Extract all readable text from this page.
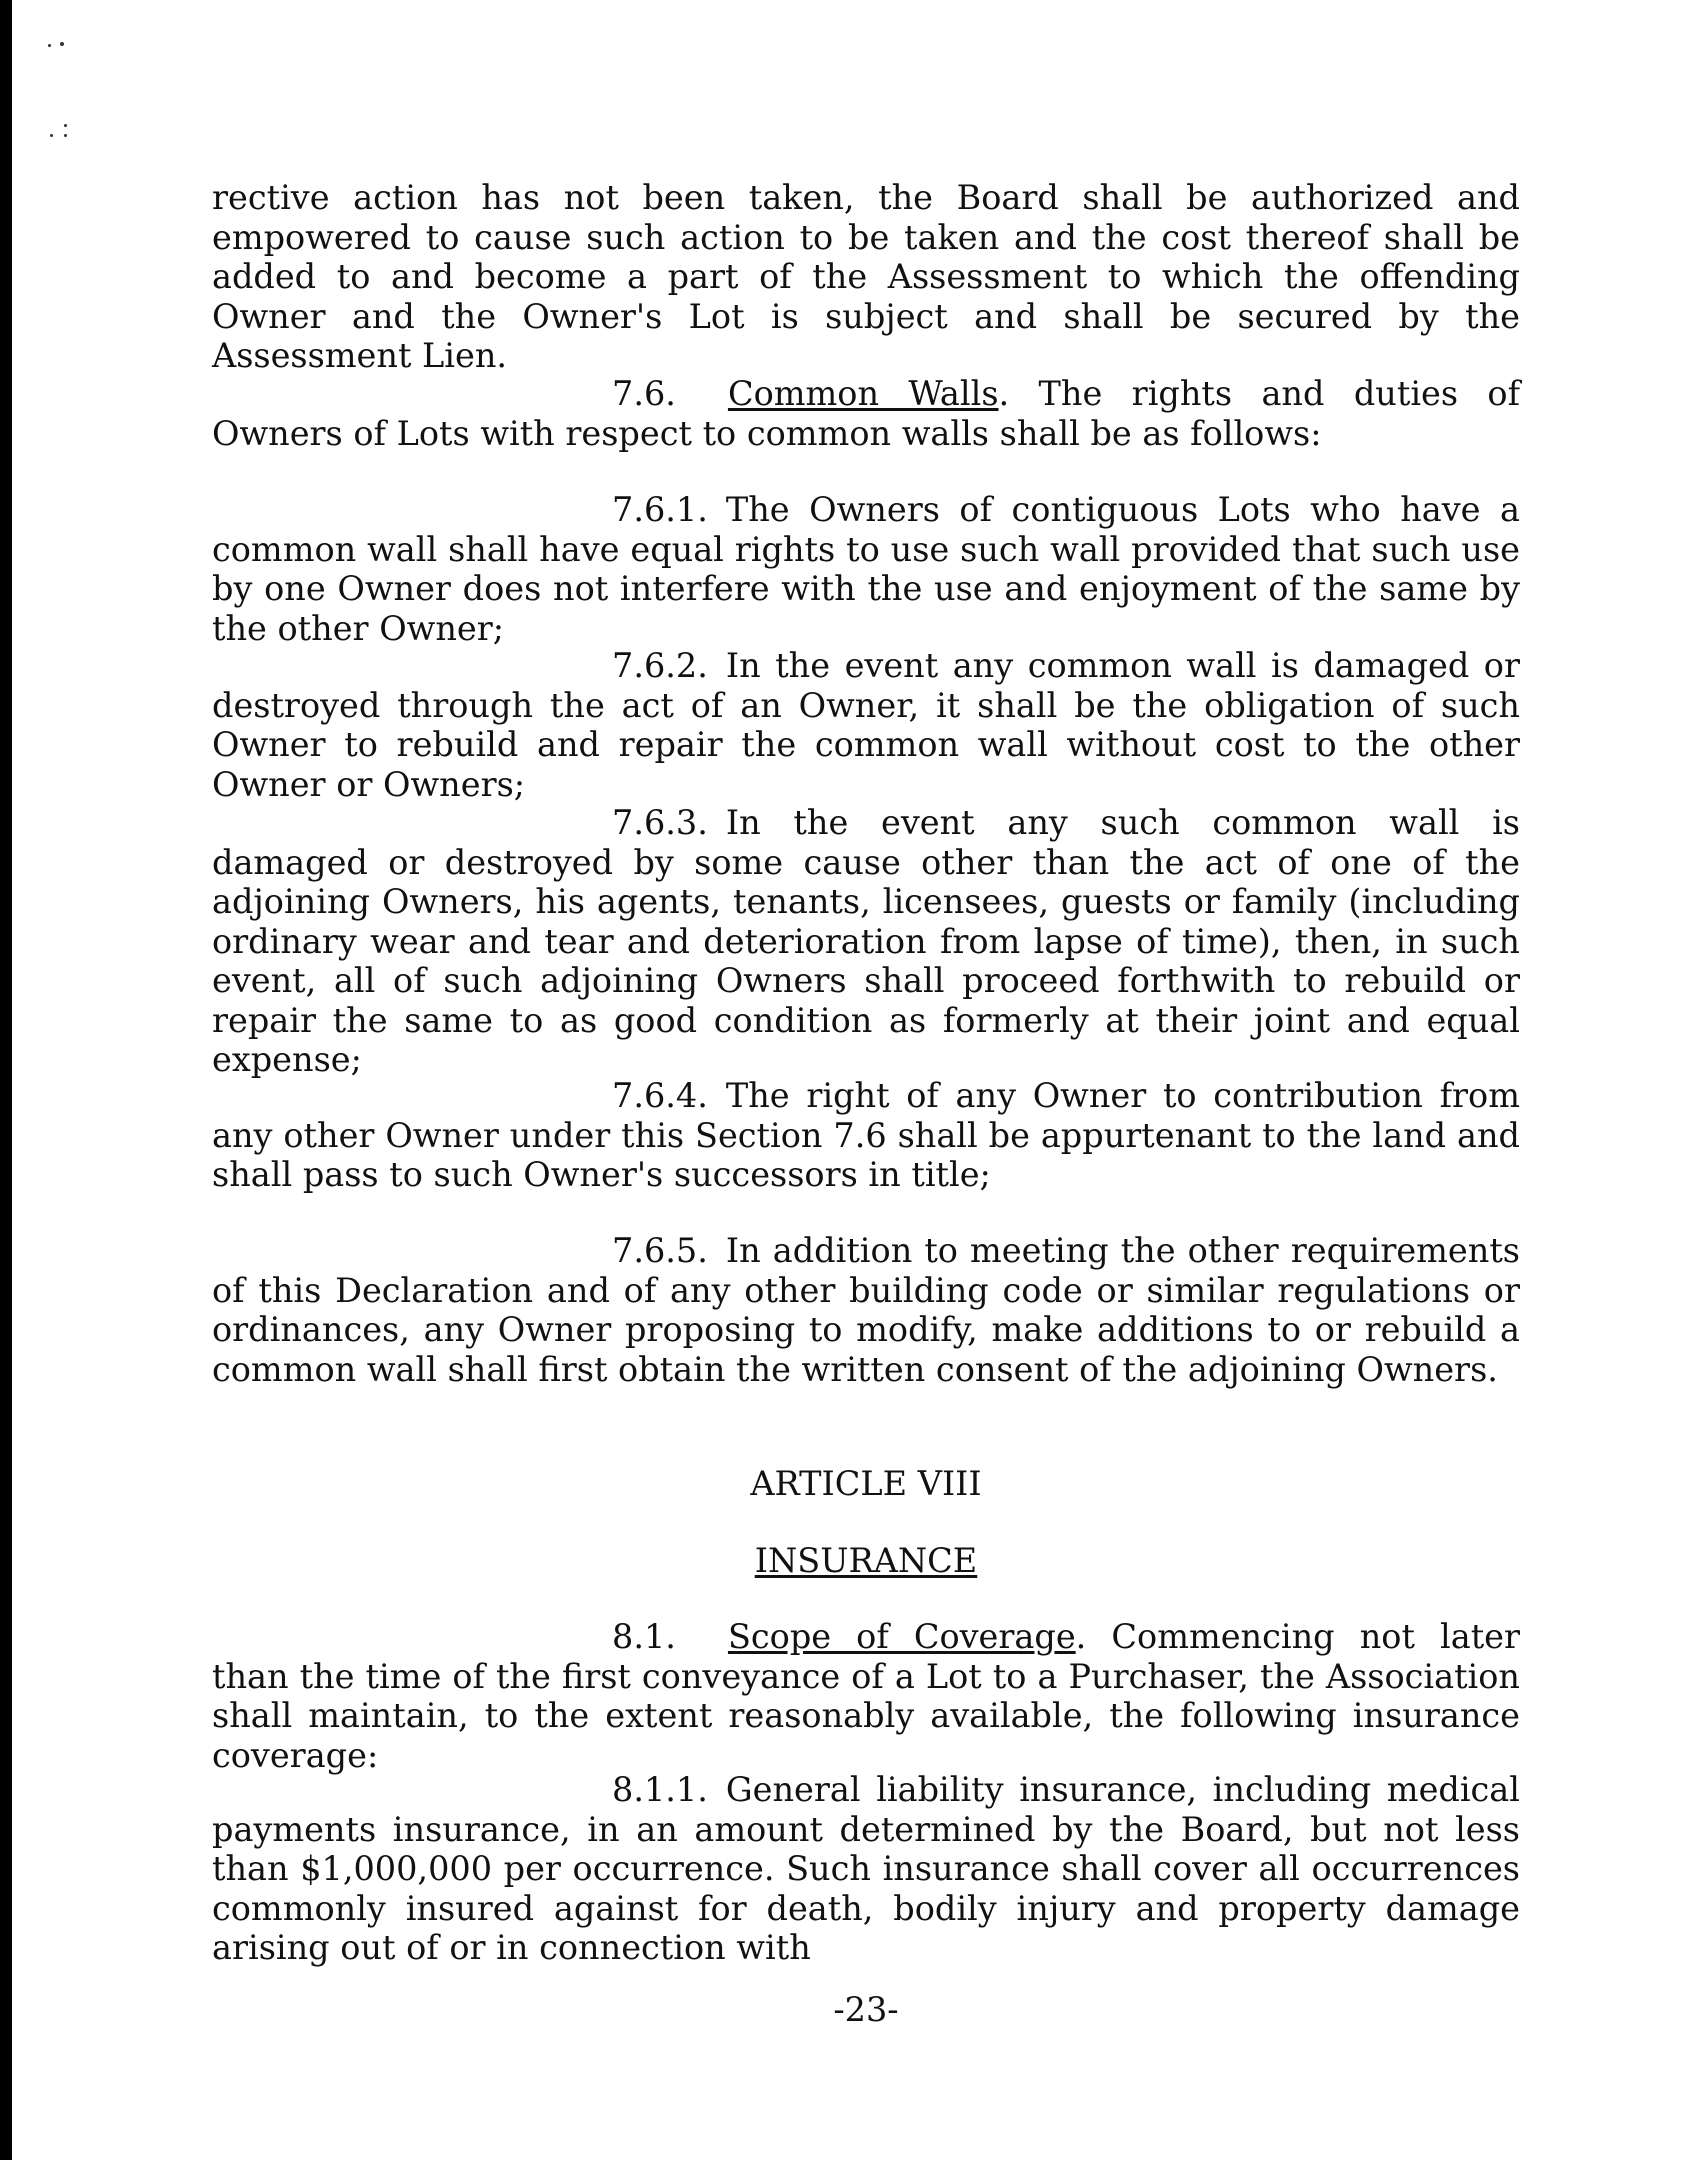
rective action has not been taken, the Board shall be authorized and empowered to cause such action to be taken and the cost thereof shall be added to and become a part of the Assessment to which the offending Owner and the Owner's Lot is subject and shall be secured by the Assessment Lien.

7.6. Common Walls. The rights and duties of Owners of Lots with respect to common walls shall be as follows:

7.6.1. The Owners of contiguous Lots who have a common wall shall have equal rights to use such wall provided that such use by one Owner does not interfere with the use and enjoyment of the same by the other Owner;

7.6.2. In the event any common wall is damaged or destroyed through the act of an Owner, it shall be the obligation of such Owner to rebuild and repair the common wall without cost to the other Owner or Owners;

7.6.3. In the event any such common wall is damaged or destroyed by some cause other than the act of one of the adjoining Owners, his agents, tenants, licensees, guests or family (including ordinary wear and tear and deterioration from lapse of time), then, in such event, all of such adjoining Owners shall proceed forthwith to rebuild or repair the same to as good condition as formerly at their joint and equal expense;

7.6.4. The right of any Owner to contribution from any other Owner under this Section 7.6 shall be appurtenant to the land and shall pass to such Owner's successors in title;

7.6.5. In addition to meeting the other requirements of this Declaration and of any other building code or similar regulations or ordinances, any Owner proposing to modify, make additions to or rebuild a common wall shall first obtain the written consent of the adjoining Owners.

ARTICLE VIII

INSURANCE

8.1. Scope of Coverage. Commencing not later than the time of the first conveyance of a Lot to a Purchaser, the Association shall maintain, to the extent reasonably available, the following insurance coverage:

8.1.1. General liability insurance, including medical payments insurance, in an amount determined by the Board, but not less than $1,000,000 per occurrence. Such insurance shall cover all occurrences commonly insured against for death, bodily injury and property damage arising out of or in connection with

-23-
